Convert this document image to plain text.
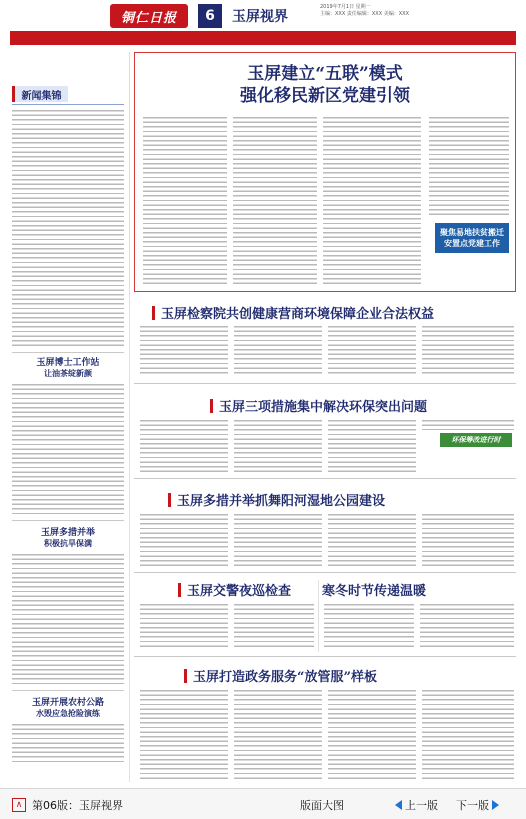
铜仁日报	6	玉屏视界
2019年7月1日 星期一
主编：XXX 责任编辑：XXX 美编：XXX
新闻集锦
玉屏博士工作站
让油茶绽新颜
玉屏多措并举
积极抗旱保满
玉屏开展农村公路
水毁应急抢险演练
玉屏建立“五联”模式
强化移民新区党建引领
聚焦易地扶贫搬迁
安置点党建工作
玉屏检察院共创健康营商环境保障企业合法权益
玉屏三项措施集中解决环保突出问题
环保筹改进行时
玉屏多措并举抓舞阳河湿地公园建设
玉屏交警夜巡检查 寒冬时节传递温暖
玉屏打造政务服务“放管服”样板
∧ 第06版：玉屏视界	版面大图	上一版 下一版
